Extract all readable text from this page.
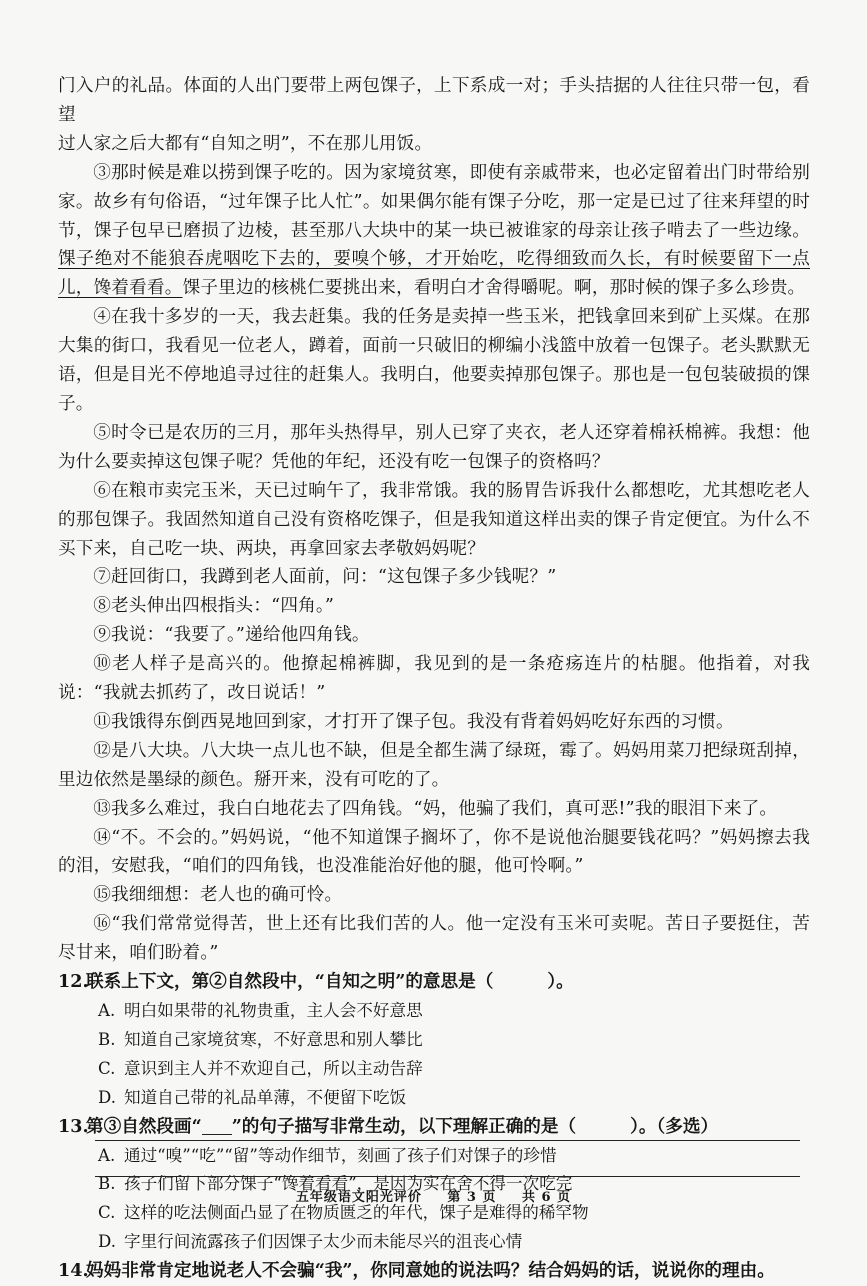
门入户的礼品。体面的人出门要带上两包馃子，上下系成一对；手头拮据的人往往只带一包，看望

过人家之后大都有“自知之明”，不在那儿用饭。

③那时候是难以捞到馃子吃的。因为家境贫寒，即使有亲戚带来，也必定留着出门时带给别家。故乡有句俗语，“过年馃子比人忙”。如果偶尔能有馃子分吃，那一定是已过了往来拜望的时节，馃子包早已磨损了边棱，甚至那八大块中的某一块已被谁家的母亲让孩子啃去了一些边缘。馃子绝对不能狼吞虎咽吃下去的，要嗅个够，才开始吃，吃得细致而久长，有时候要留下一点儿，馋着看看。馃子里边的核桃仁要挑出来，看明白才舍得嚼呢。啊，那时候的馃子多么珍贵。

④在我十多岁的一天，我去赶集。我的任务是卖掉一些玉米，把钱拿回来到矿上买煤。在那大集的街口，我看见一位老人，蹲着，面前一只破旧的柳编小浅篮中放着一包馃子。老头默默无语，但是目光不停地追寻过往的赶集人。我明白，他要卖掉那包馃子。那也是一包包装破损的馃子。

⑤时令已是农历的三月，那年头热得早，别人已穿了夹衣，老人还穿着棉袄棉裤。我想：他为什么要卖掉这包馃子呢？凭他的年纪，还没有吃一包馃子的资格吗？

⑥在粮市卖完玉米，天已过晌午了，我非常饿。我的肠胃告诉我什么都想吃，尤其想吃老人的那包馃子。我固然知道自己没有资格吃馃子，但是我知道这样出卖的馃子肯定便宜。为什么不买下来，自己吃一块、两块，再拿回家去孝敬妈妈呢？

⑦赶回街口，我蹲到老人面前，问：“这包馃子多少钱呢？”

⑧老头伸出四根指头：“四角。”

⑨我说：“我要了。”递给他四角钱。

⑩老人样子是高兴的。他撩起棉裤脚，我见到的是一条疮疡连片的枯腿。他指着，对我说：“我就去抓药了，改日说话！”

⑪我饿得东倒西晃地回到家，才打开了馃子包。我没有背着妈妈吃好东西的习惯。

⑫是八大块。八大块一点儿也不缺，但是全都生满了绿斑，霉了。妈妈用菜刀把绿斑刮掉，里边依然是墨绿的颜色。掰开来，没有可吃的了。

⑬我多么难过，我白白地花去了四角钱。“妈，他骗了我们，真可恶!”我的眼泪下来了。

⑭“不。不会的。”妈妈说，“他不知道馃子搁坏了，你不是说他治腿要钱花吗？”妈妈擦去我的泪，安慰我，“咱们的四角钱，也没准能治好他的腿，他可怜啊。”

⑮我细细想：老人也的确可怜。

⑯“我们常常觉得苦，世上还有比我们苦的人。他一定没有玉米可卖呢。苦日子要挺住，苦尽甘来，咱们盼着。”

12.联系上下文，第②自然段中，“自知之明”的意思是（	）。

A. 明白如果带的礼物贵重，主人会不好意思

B. 知道自己家境贫寒，不好意思和别人攀比

C. 意识到主人并不欢迎自己，所以主动告辞

D. 知道自己带的礼品单薄，不便留下吃饭

13.第③自然段画“ ”的句子描写非常生动，以下理解正确的是（	）。（多选）

A. 通过“嗅”“吃”“留”等动作细节，刻画了孩子们对馃子的珍惜

B. 孩子们留下部分馃子“馋着看看”，是因为实在舍不得一次吃完

C. 这样的吃法侧面凸显了在物质匮乏的年代，馃子是难得的稀罕物

D. 字里行间流露孩子们因馃子太少而未能尽兴的沮丧心情

14.妈妈非常肯定地说老人不会骗“我”，你同意她的说法吗？结合妈妈的话，说说你的理由。

五年级语文阳光评价 第 3 页 共 6 页
